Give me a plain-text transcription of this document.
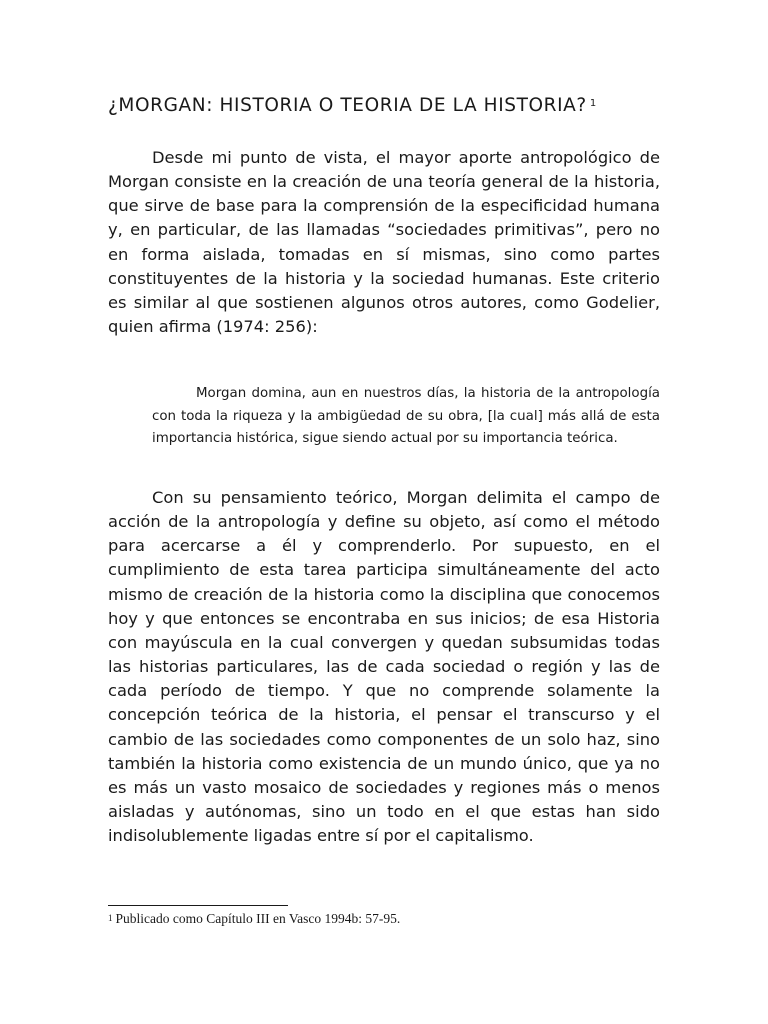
¿MORGAN: HISTORIA O TEORIA DE LA HISTORIA? $^1$

Desde mi punto de vista, el mayor aporte antropológico de Morgan consiste en la creación de una teoría general de la historia, que sirve de base para la comprensión de la especificidad humana y, en particular, de las llamadas “sociedades primitivas”, pero no en forma aislada, tomadas en sí mismas, sino como partes constituyentes de la historia y la sociedad humanas. Este criterio es similar al que sostienen algunos otros autores, como Godelier, quien afirma (1974: 256):

Morgan domina, aun en nuestros días, la historia de la antropología con toda la riqueza y la ambigüedad de su obra, [la cual] más allá de esta importancia histórica, sigue siendo actual por su importancia teórica.

Con su pensamiento teórico, Morgan delimita el campo de acción de la antropología y define su objeto, así como el método para acercarse a él y comprenderlo. Por supuesto, en el cumplimiento de esta tarea participa simultáneamente del acto mismo de creación de la historia como la disciplina que conocemos hoy y que entonces se encontraba en sus inicios; de esa Historia con mayúscula en la cual convergen y quedan subsumidas todas las historias particulares, las de cada sociedad o región y las de cada período de tiempo. Y que no comprende solamente la concepción teórica de la historia, el pensar el transcurso y el cambio de las sociedades como componentes de un solo haz, sino también la historia como existencia de un mundo único, que ya no es más un vasto mosaico de sociedades y regiones más o menos aisladas y autónomas, sino un todo en el que estas han sido indisolublemente ligadas entre sí por el capitalismo.

$^1$ Publicado como Capítulo III en Vasco 1994b: 57-95.
